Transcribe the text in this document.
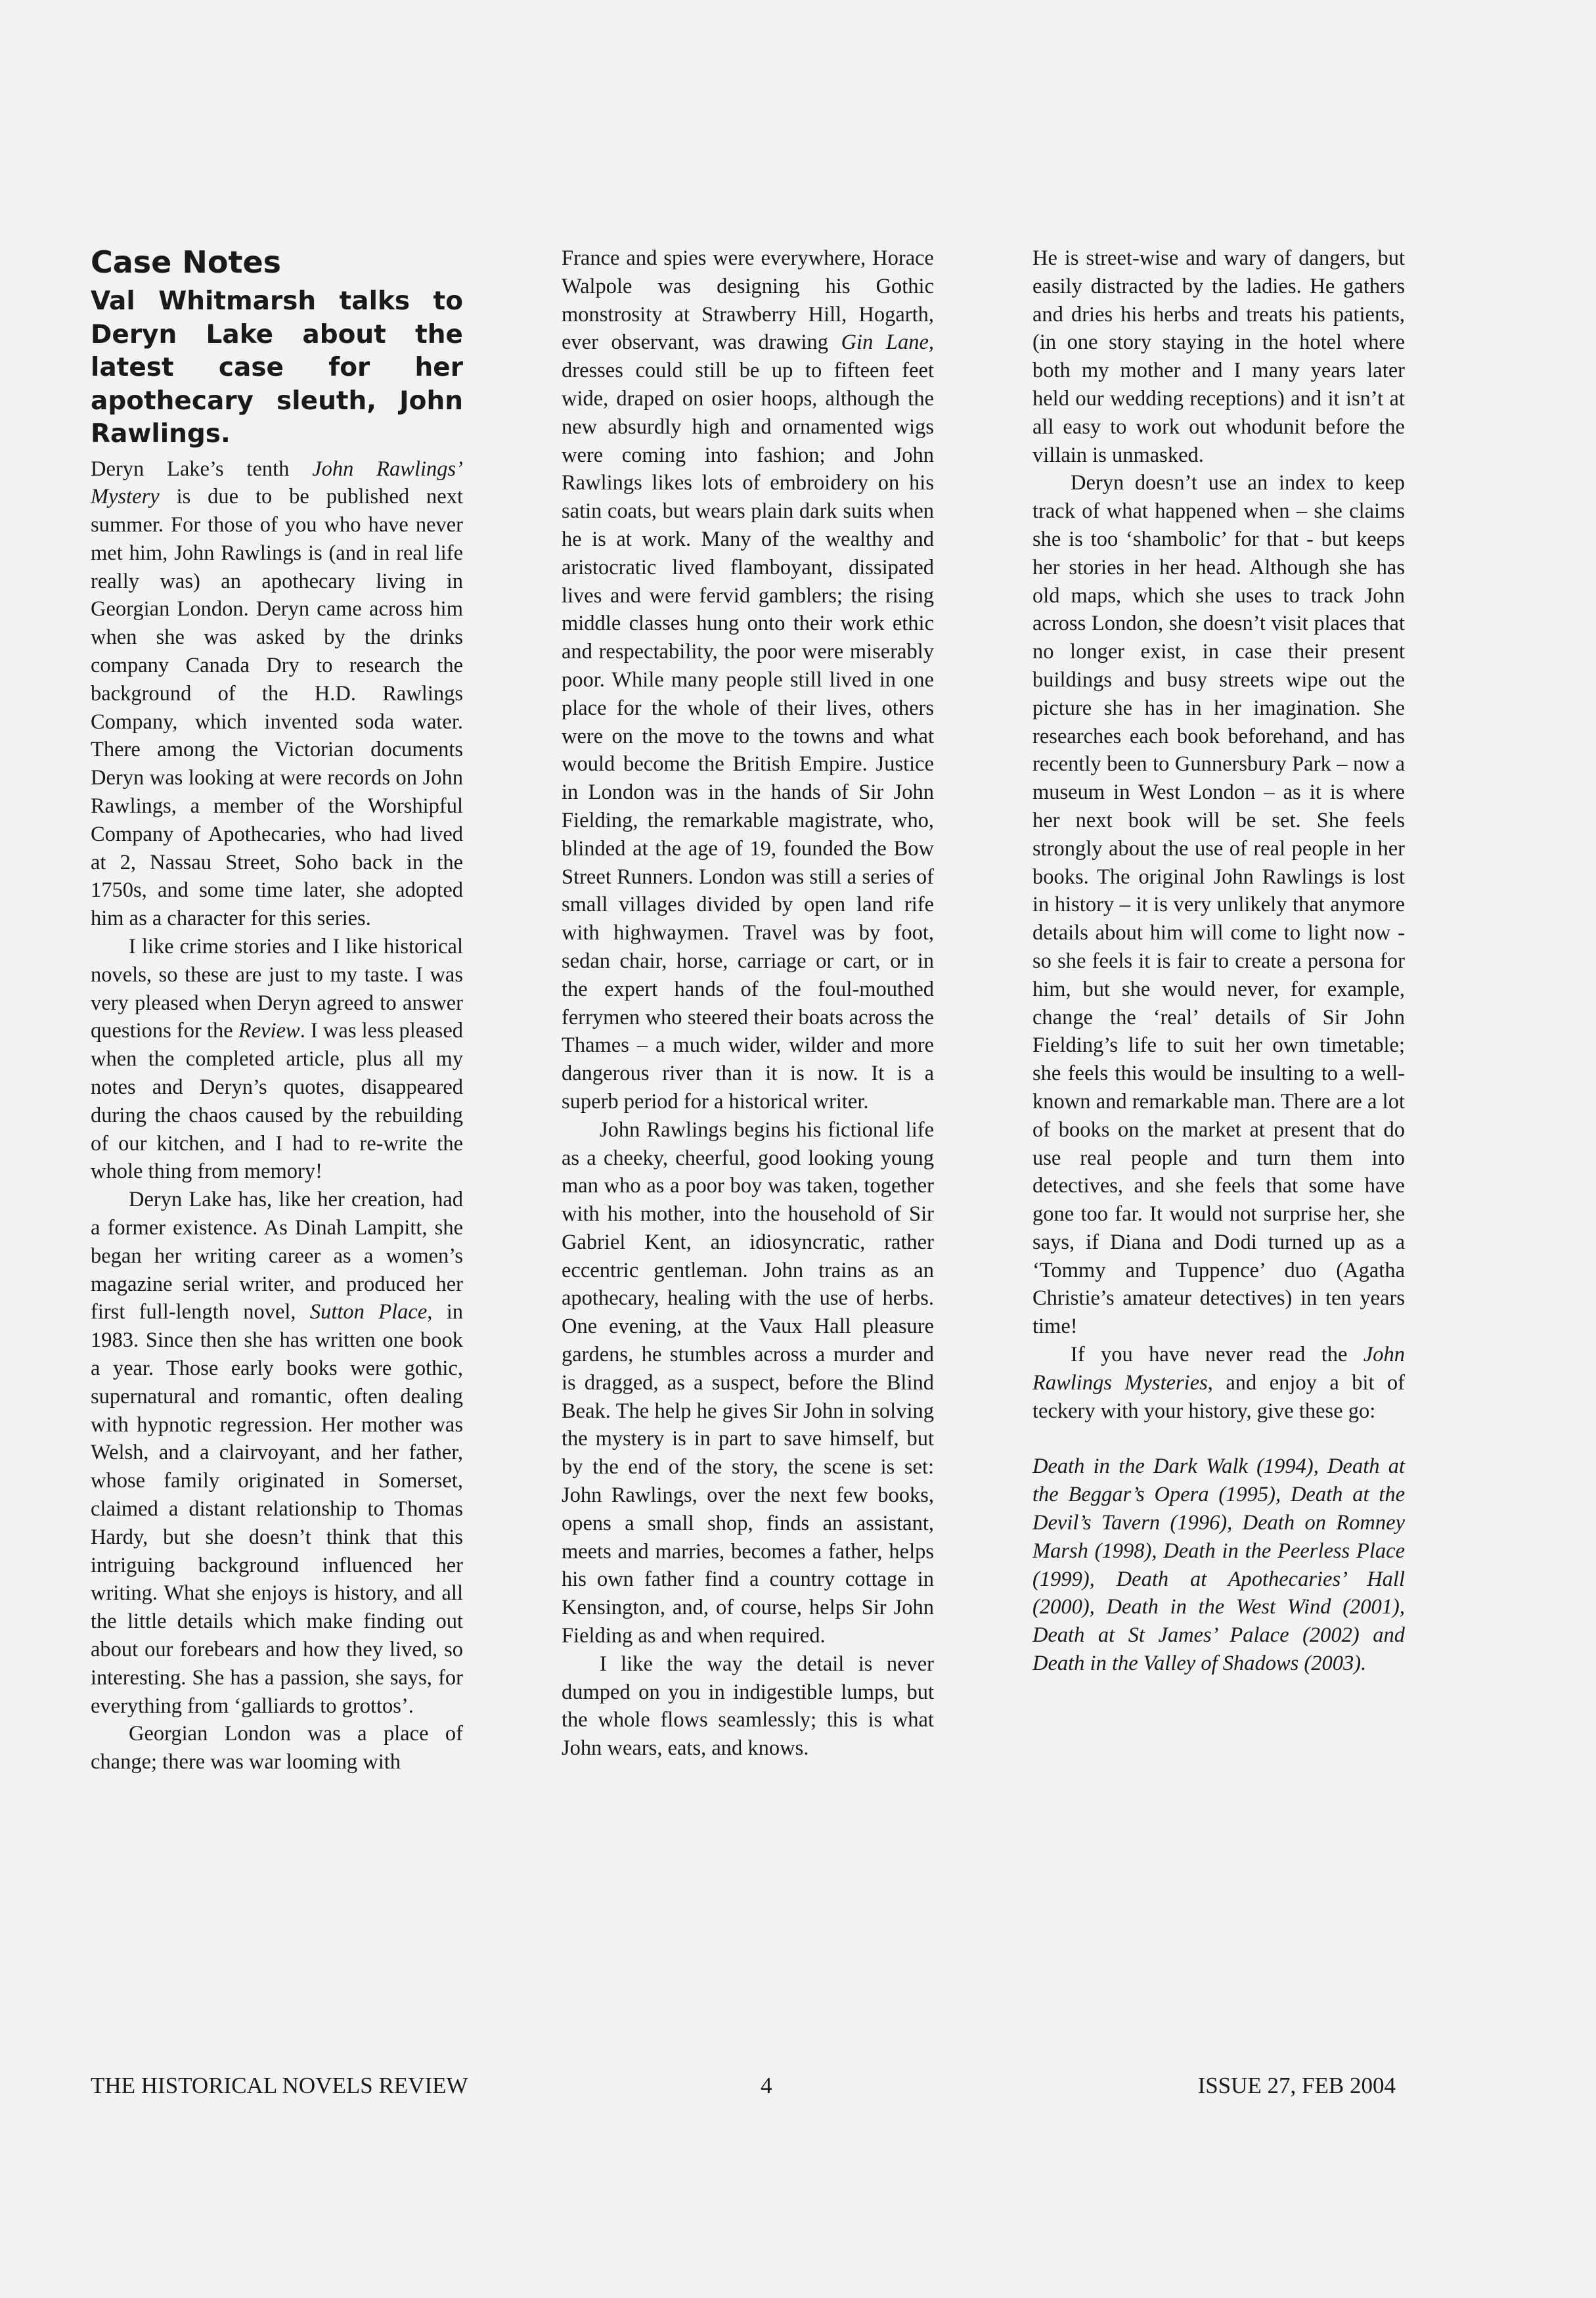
Case Notes
Val Whitmarsh talks to Deryn Lake about the latest case for her apothecary sleuth, John Rawlings.

Deryn Lake’s tenth John Rawlings’ Mystery is due to be published next summer. For those of you who have never met him, John Rawlings is (and in real life really was) an apothecary living in Georgian London. Deryn came across him when she was asked by the drinks company Canada Dry to research the background of the H.D. Rawlings Company, which invented soda water. There among the Victorian documents Deryn was looking at were records on John Rawlings, a member of the Worshipful Company of Apothecaries, who had lived at 2, Nassau Street, Soho back in the 1750s, and some time later, she adopted him as a character for this series.

I like crime stories and I like historical novels, so these are just to my taste. I was very pleased when Deryn agreed to answer questions for the Review. I was less pleased when the completed article, plus all my notes and Deryn’s quotes, disappeared during the chaos caused by the rebuilding of our kitchen, and I had to re-write the whole thing from memory!

Deryn Lake has, like her creation, had a former existence. As Dinah Lampitt, she began her writing career as a women’s magazine serial writer, and produced her first full-length novel, Sutton Place, in 1983. Since then she has written one book a year. Those early books were gothic, supernatural and romantic, often dealing with hypnotic regression. Her mother was Welsh, and a clairvoyant, and her father, whose family originated in Somerset, claimed a distant relationship to Thomas Hardy, but she doesn’t think that this intriguing background influenced her writing. What she enjoys is history, and all the little details which make finding out about our forebears and how they lived, so interesting. She has a passion, she says, for everything from ‘galliards to grottos’.

Georgian London was a place of change; there was war looming with

France and spies were everywhere, Horace Walpole was designing his Gothic monstrosity at Strawberry Hill, Hogarth, ever observant, was drawing Gin Lane, dresses could still be up to fifteen feet wide, draped on osier hoops, although the new absurdly high and ornamented wigs were coming into fashion; and John Rawlings likes lots of embroidery on his satin coats, but wears plain dark suits when he is at work. Many of the wealthy and aristocratic lived flamboyant, dissipated lives and were fervid gamblers; the rising middle classes hung onto their work ethic and respectability, the poor were miserably poor. While many people still lived in one place for the whole of their lives, others were on the move to the towns and what would become the British Empire. Justice in London was in the hands of Sir John Fielding, the remarkable magistrate, who, blinded at the age of 19, founded the Bow Street Runners. London was still a series of small villages divided by open land rife with highwaymen. Travel was by foot, sedan chair, horse, carriage or cart, or in the expert hands of the foul-mouthed ferrymen who steered their boats across the Thames – a much wider, wilder and more dangerous river than it is now. It is a superb period for a historical writer.

John Rawlings begins his fictional life as a cheeky, cheerful, good looking young man who as a poor boy was taken, together with his mother, into the household of Sir Gabriel Kent, an idiosyncratic, rather eccentric gentleman. John trains as an apothecary, healing with the use of herbs. One evening, at the Vaux Hall pleasure gardens, he stumbles across a murder and is dragged, as a suspect, before the Blind Beak. The help he gives Sir John in solving the mystery is in part to save himself, but by the end of the story, the scene is set: John Rawlings, over the next few books, opens a small shop, finds an assistant, meets and marries, becomes a father, helps his own father find a country cottage in Kensington, and, of course, helps Sir John Fielding as and when required.

I like the way the detail is never dumped on you in indigestible lumps, but the whole flows seamlessly; this is what John wears, eats, and knows.

He is street-wise and wary of dangers, but easily distracted by the ladies. He gathers and dries his herbs and treats his patients, (in one story staying in the hotel where both my mother and I many years later held our wedding receptions) and it isn’t at all easy to work out whodunit before the villain is unmasked.

Deryn doesn’t use an index to keep track of what happened when – she claims she is too ‘shambolic’ for that - but keeps her stories in her head. Although she has old maps, which she uses to track John across London, she doesn’t visit places that no longer exist, in case their present buildings and busy streets wipe out the picture she has in her imagination. She researches each book beforehand, and has recently been to Gunnersbury Park – now a museum in West London – as it is where her next book will be set. She feels strongly about the use of real people in her books. The original John Rawlings is lost in history – it is very unlikely that anymore details about him will come to light now - so she feels it is fair to create a persona for him, but she would never, for example, change the ‘real’ details of Sir John Fielding’s life to suit her own timetable; she feels this would be insulting to a well-known and remarkable man. There are a lot of books on the market at present that do use real people and turn them into detectives, and she feels that some have gone too far. It would not surprise her, she says, if Diana and Dodi turned up as a ‘Tommy and Tuppence’ duo (Agatha Christie’s amateur detectives) in ten years time!

If you have never read the John Rawlings Mysteries, and enjoy a bit of teckery with your history, give these go:

Death in the Dark Walk (1994), Death at the Beggar’s Opera (1995), Death at the Devil’s Tavern (1996), Death on Romney Marsh (1998), Death in the Peerless Place (1999), Death at Apothecaries’ Hall (2000), Death in the West Wind (2001), Death at St James’ Palace (2002) and Death in the Valley of Shadows (2003).

THE HISTORICAL NOVELS REVIEW	4	ISSUE 27, FEB 2004
